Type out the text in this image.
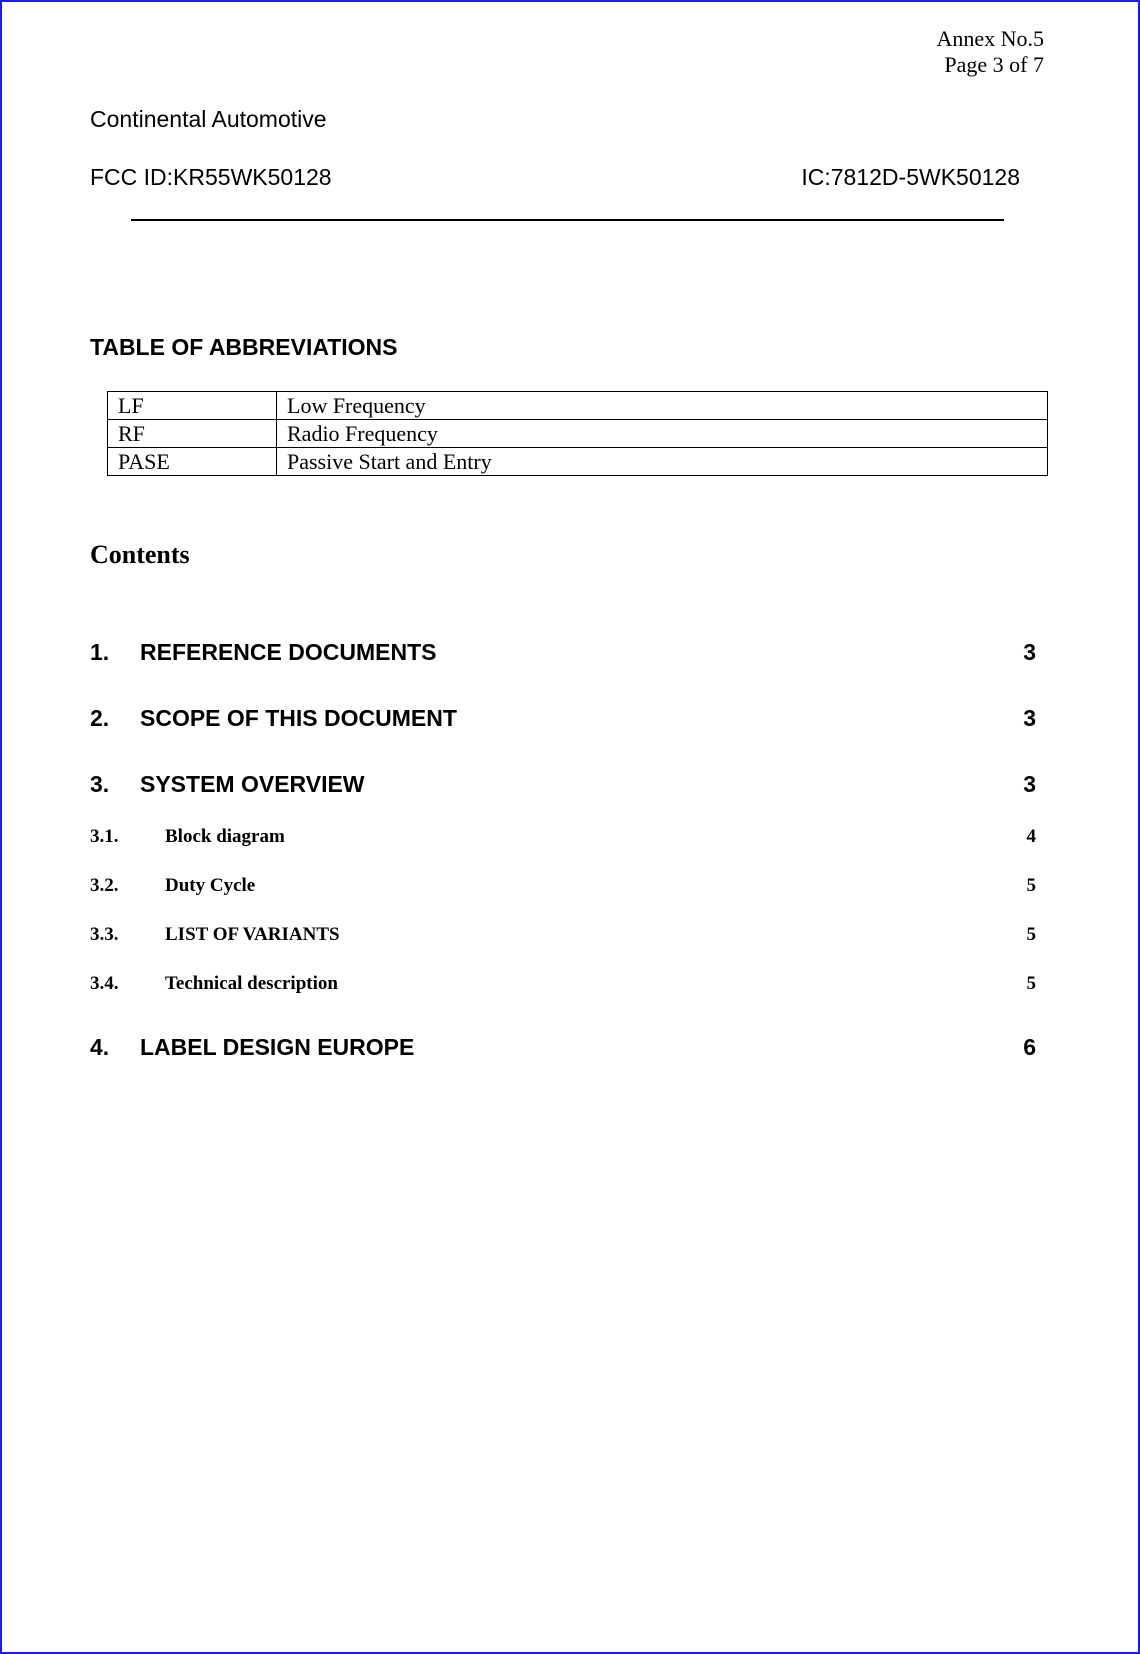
Annex No.5
Page 3 of 7
Continental Automotive
FCC ID:KR55WK50128	IC:7812D-5WK50128
TABLE OF ABBREVIATIONS
LF	Low Frequency
RF	Radio Frequency
PASE	Passive Start and Entry
Contents
1. REFERENCE DOCUMENTS	3
2. SCOPE OF THIS DOCUMENT	3
3. SYSTEM OVERVIEW	3
3.1. Block diagram	4
3.2. Duty Cycle	5
3.3. LIST OF VARIANTS	5
3.4. Technical description	5
4. LABEL DESIGN EUROPE	6
